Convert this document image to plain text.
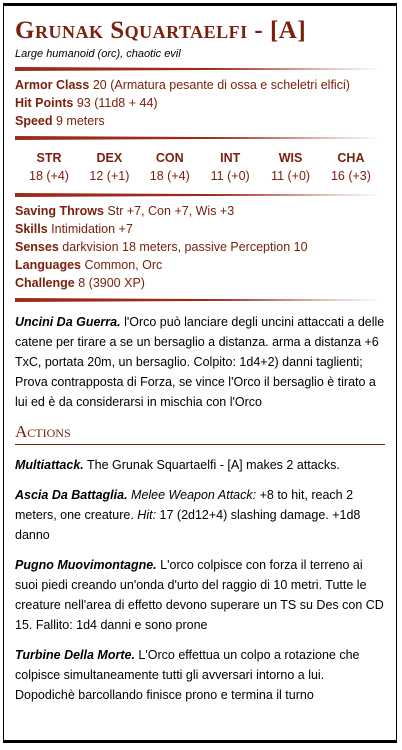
Grunak Squartaelfi - [A]
Large humanoid (orc), chaotic evil
Armor Class 20 (Armatura pesante di ossa e scheletri elfici)
Hit Points 93 (11d8 + 44)
Speed 9 meters
STR
18 (+4)
DEX
12 (+1)
CON
18 (+4)
INT
11 (+0)
WIS
11 (+0)
CHA
16 (+3)
Saving Throws Str +7, Con +7, Wis +3
Skills Intimidation +7
Senses darkvision 18 meters, passive Perception 10
Languages Common, Orc
Challenge 8 (3900 XP)

Uncini Da Guerra. l'Orco può lanciare degli uncini attaccati a delle catene per tirare a se un bersaglio a distanza. arma a distanza +6 TxC, portata 20m, un bersaglio. Colpito: 1d4+2) danni taglienti; Prova contrapposta di Forza, se vince l'Orco il bersaglio è tirato a lui ed è da considerarsi in mischia con l'Orco

Actions

Multiattack. The Grunak Squartaelfi - [A] makes 2 attacks.

Ascia Da Battaglia. Melee Weapon Attack: +8 to hit, reach 2 meters, one creature. Hit: 17 (2d12+4) slashing damage. +1d8 danno

Pugno Muovimontagne. L'orco colpisce con forza il terreno ai suoi piedi creando un'onda d'urto del raggio di 10 metri. Tutte le creature nell'area di effetto devono superare un TS su Des con CD 15. Fallito: 1d4 danni e sono prone

Turbine Della Morte. L'Orco effettua un colpo a rotazione che colpisce simultaneamente tutti gli avversari intorno a lui. Dopodichè barcollando finisce prono e termina il turno
